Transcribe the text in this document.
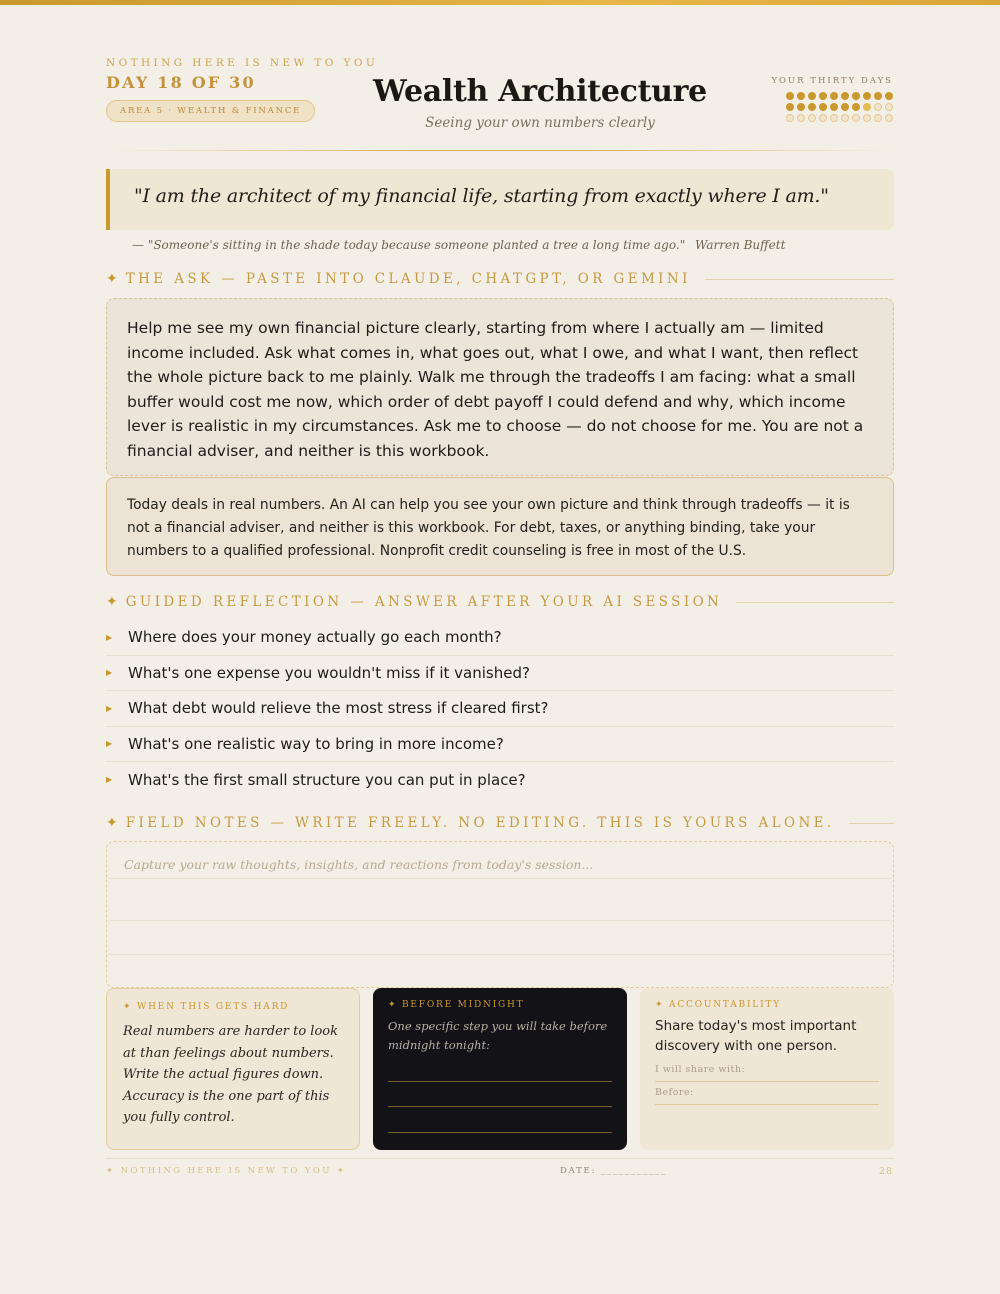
NOTHING HERE IS NEW TO YOU
DAY 18 OF 30
AREA 5 · WEALTH & FINANCE
Wealth Architecture
Seeing your own numbers clearly
YOUR THIRTY DAYS
"I am the architect of my financial life, starting from exactly where I am."
— "Someone's sitting in the shade today because someone planted a tree a long time ago." Warren Buffett
✦ THE ASK — PASTE INTO CLAUDE, CHATGPT, OR GEMINI

Help me see my own financial picture clearly, starting from where I actually am — limited income included. Ask what comes in, what goes out, what I owe, and what I want, then reflect the whole picture back to me plainly. Walk me through the tradeoffs I am facing: what a small buffer would cost me now, which order of debt payoff I could defend and why, which income lever is realistic in my circumstances. Ask me to choose — do not choose for me. You are not a financial adviser, and neither is this workbook.

Today deals in real numbers. An AI can help you see your own picture and think through tradeoffs — it is not a financial adviser, and neither is this workbook. For debt, taxes, or anything binding, take your numbers to a qualified professional. Nonprofit credit counseling is free in most of the U.S.

✦ GUIDED REFLECTION — ANSWER AFTER YOUR AI SESSION
▶	Where does your money actually go each month?
▶	What's one expense you wouldn't miss if it vanished?
▶	What debt would relieve the most stress if cleared first?
▶	What's one realistic way to bring in more income?
▶	What's the first small structure you can put in place?
✦ FIELD NOTES — WRITE FREELY. NO EDITING. THIS IS YOURS ALONE.
Capture your raw thoughts, insights, and reactions from today's session...
✦ WHEN THIS GETS HARD
Real numbers are harder to look at than feelings about numbers. Write the actual figures down. Accuracy is the one part of this you fully control.
✦ BEFORE MIDNIGHT
One specific step you will take before midnight tonight:
✦ ACCOUNTABILITY
Share today's most important discovery with one person.
I will share with:
Before:
✦ NOTHING HERE IS NEW TO YOU ✦	DATE: ___________	28
